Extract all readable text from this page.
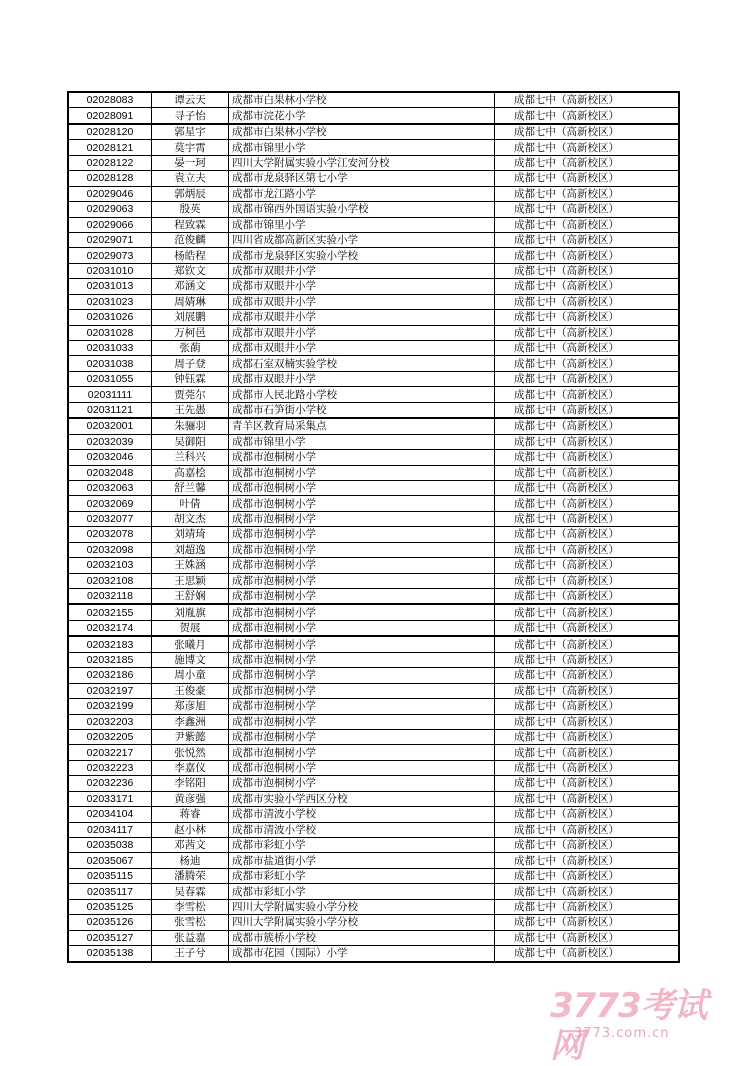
02028083	谭云天	成都市白果林小学校	成都七中（高新校区）
02028091	寻子怡	成都市浣花小学	成都七中（高新校区）
02028120	郭星宇	成都市白果林小学校	成都七中（高新校区）
02028121	莫宇霄	成都市锦里小学	成都七中（高新校区）
02028122	晏一珂	四川大学附属实验小学江安河分校	成都七中（高新校区）
02028128	袁立夫	成都市龙泉驿区第七小学	成都七中（高新校区）
02029046	郭炳辰	成都市龙江路小学	成都七中（高新校区）
02029063	殷英	成都市锦西外国语实验小学校	成都七中（高新校区）
02029066	程致霖	成都市锦里小学	成都七中（高新校区）
02029071	范俊麟	四川省成都高新区实验小学	成都七中（高新校区）
02029073	杨皓程	成都市龙泉驿区实验小学校	成都七中（高新校区）
02031010	郑钦文	成都市双眼井小学	成都七中（高新校区）
02031013	邓涵文	成都市双眼井小学	成都七中（高新校区）
02031023	周婧琳	成都市双眼井小学	成都七中（高新校区）
02031026	刘展鹏	成都市双眼井小学	成都七中（高新校区）
02031028	万柯邑	成都市双眼井小学	成都七中（高新校区）
02031033	张蓢	成都市双眼井小学	成都七中（高新校区）
02031038	周子登	成都石室双楠实验学校	成都七中（高新校区）
02031055	钟钰霖	成都市双眼井小学	成都七中（高新校区）
02031111	贾莞尔	成都市人民北路小学校	成都七中（高新校区）
02031121	王先愚	成都市石笋街小学校	成都七中（高新校区）
02032001	朱骊羽	青羊区教育局采集点	成都七中（高新校区）
02032039	吴御阳	成都市锦里小学	成都七中（高新校区）
02032046	兰科兴	成都市泡桐树小学	成都七中（高新校区）
02032048	高嘉桧	成都市泡桐树小学	成都七中（高新校区）
02032063	舒兰馨	成都市泡桐树小学	成都七中（高新校区）
02032069	叶倩	成都市泡桐树小学	成都七中（高新校区）
02032077	胡文杰	成都市泡桐树小学	成都七中（高新校区）
02032078	刘靖琦	成都市泡桐树小学	成都七中（高新校区）
02032098	刘超逸	成都市泡桐树小学	成都七中（高新校区）
02032103	王姝涵	成都市泡桐树小学	成都七中（高新校区）
02032108	王思颖	成都市泡桐树小学	成都七中（高新校区）
02032118	王舒娴	成都市泡桐树小学	成都七中（高新校区）
02032155	刘胤旗	成都市泡桐树小学	成都七中（高新校区）
02032174	贺展	成都市泡桐树小学	成都七中（高新校区）
02032183	张曦月	成都市泡桐树小学	成都七中（高新校区）
02032185	施博文	成都市泡桐树小学	成都七中（高新校区）
02032186	周小童	成都市泡桐树小学	成都七中（高新校区）
02032197	王俊豪	成都市泡桐树小学	成都七中（高新校区）
02032199	郑彦旭	成都市泡桐树小学	成都七中（高新校区）
02032203	李鑫洲	成都市泡桐树小学	成都七中（高新校区）
02032205	尹紫懿	成都市泡桐树小学	成都七中（高新校区）
02032217	张悦然	成都市泡桐树小学	成都七中（高新校区）
02032223	李嘉仪	成都市泡桐树小学	成都七中（高新校区）
02032236	李铭阳	成都市泡桐树小学	成都七中（高新校区）
02033171	黄彦强	成都市实验小学西区分校	成都七中（高新校区）
02034104	蒋睿	成都市清波小学校	成都七中（高新校区）
02034117	赵小林	成都市清波小学校	成都七中（高新校区）
02035038	邓茜文	成都市彩虹小学	成都七中（高新校区）
02035067	杨迪	成都市盐道街小学	成都七中（高新校区）
02035115	潘腾荣	成都市彩虹小学	成都七中（高新校区）
02035117	吴春霖	成都市彩虹小学	成都七中（高新校区）
02035125	李雪松	四川大学附属实验小学分校	成都七中（高新校区）
02035126	张雪松	四川大学附属实验小学分校	成都七中（高新校区）
02035127	张益嘉	成都市簇桥小学校	成都七中（高新校区）
02035138	王子兮	成都市花园（国际）小学	成都七中（高新校区）
3773考试网
3773.com.cn
